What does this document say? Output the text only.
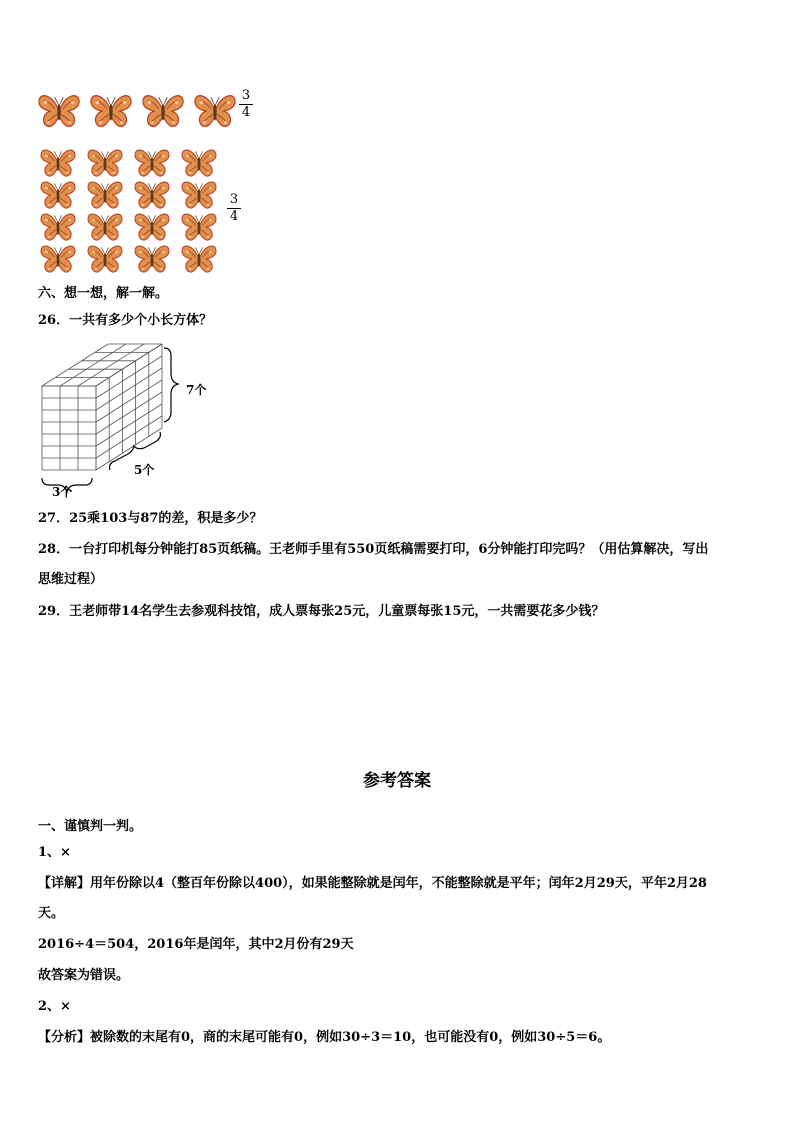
3
4
3
4
六、想一想，解一解。
26．一共有多少个小长方体？
7个
5个
3个
27．25乘103与87的差，积是多少？
28．一台打印机每分钟能打85页纸稿。王老师手里有550页纸稿需要打印，6分钟能打印完吗？（用估算解决，写出
思维过程）
29．王老师带14名学生去参观科技馆，成人票每张25元，儿童票每张15元，一共需要花多少钱？
参考答案
一、谨慎判一判。
1、×
【详解】用年份除以4（整百年份除以400），如果能整除就是闰年，不能整除就是平年；闰年2月29天，平年2月28
天。
2016÷4＝504，2016年是闰年，其中2月份有29天
故答案为错误。
2、×
【分析】被除数的末尾有0，商的末尾可能有0，例如30÷3＝10，也可能没有0，例如30÷5＝6。
